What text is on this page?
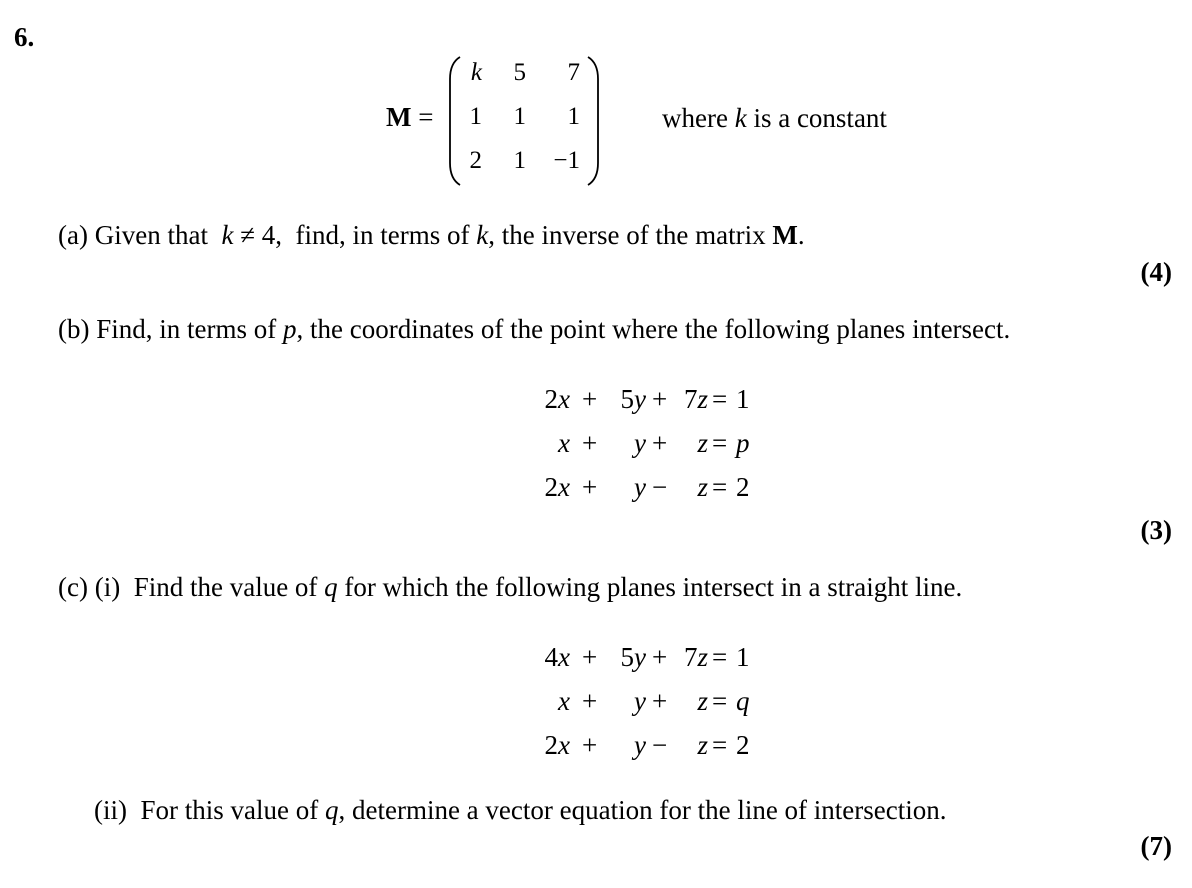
6.
M =
k	5	7
1	1	1
2	1	−1
where k is a constant
(a) Given that k ≠ 4, find, in terms of k, the inverse of the matrix M.
(4)
(b) Find, in terms of p, the coordinates of the point where the following planes intersect.
2x + 5y + 7z = 1
x +	y +	z = p
2x +	y −	z = 2
(3)
(c) (i) Find the value of q for which the following planes intersect in a straight line.
4x + 5y + 7z = 1
x +	y +	z = q
2x +	y −	z = 2
(ii) For this value of q, determine a vector equation for the line of intersection.
(7)
